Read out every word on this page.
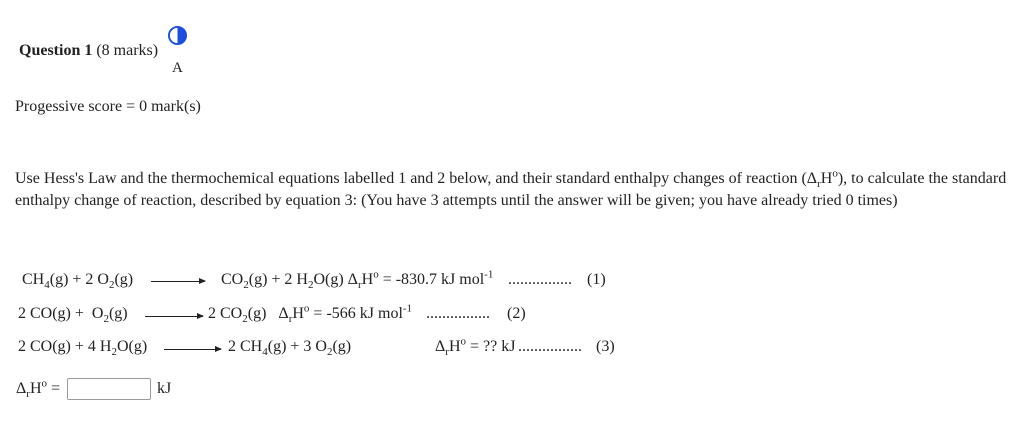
Question 1 (8 marks)
A
Progessive score = 0 mark(s)
Use Hess's Law and the thermochemical equations labelled 1 and 2 below, and their standard enthalpy changes of reaction $(\Delta_rH^o)$, to calculate the standard enthalpy change of reaction, described by equation 3: (You have 3 attempts until the answer will be given; you have already tried 0 times)
$CH_4(g) + 2$ $O_2(g)$	$CO_2(g) + 2$ $H_2O(g) \Delta_rH^o = -830.7$ kJ mol$^{-1}$ ................ (1)
2 $CO(g) + O_2(g)$	2 $CO_2(g) \Delta_rH^o = -566$ kJ mol$^{-1}$ ................ (2)
2 CO(g) + 4 $H_2O(g)$	2 $CH_4(g) + 3$ $O_2(g)$	$\Delta_rH^o$ = ?? kJ ................ (3)
$\Delta_rH^o$ =	kJ
